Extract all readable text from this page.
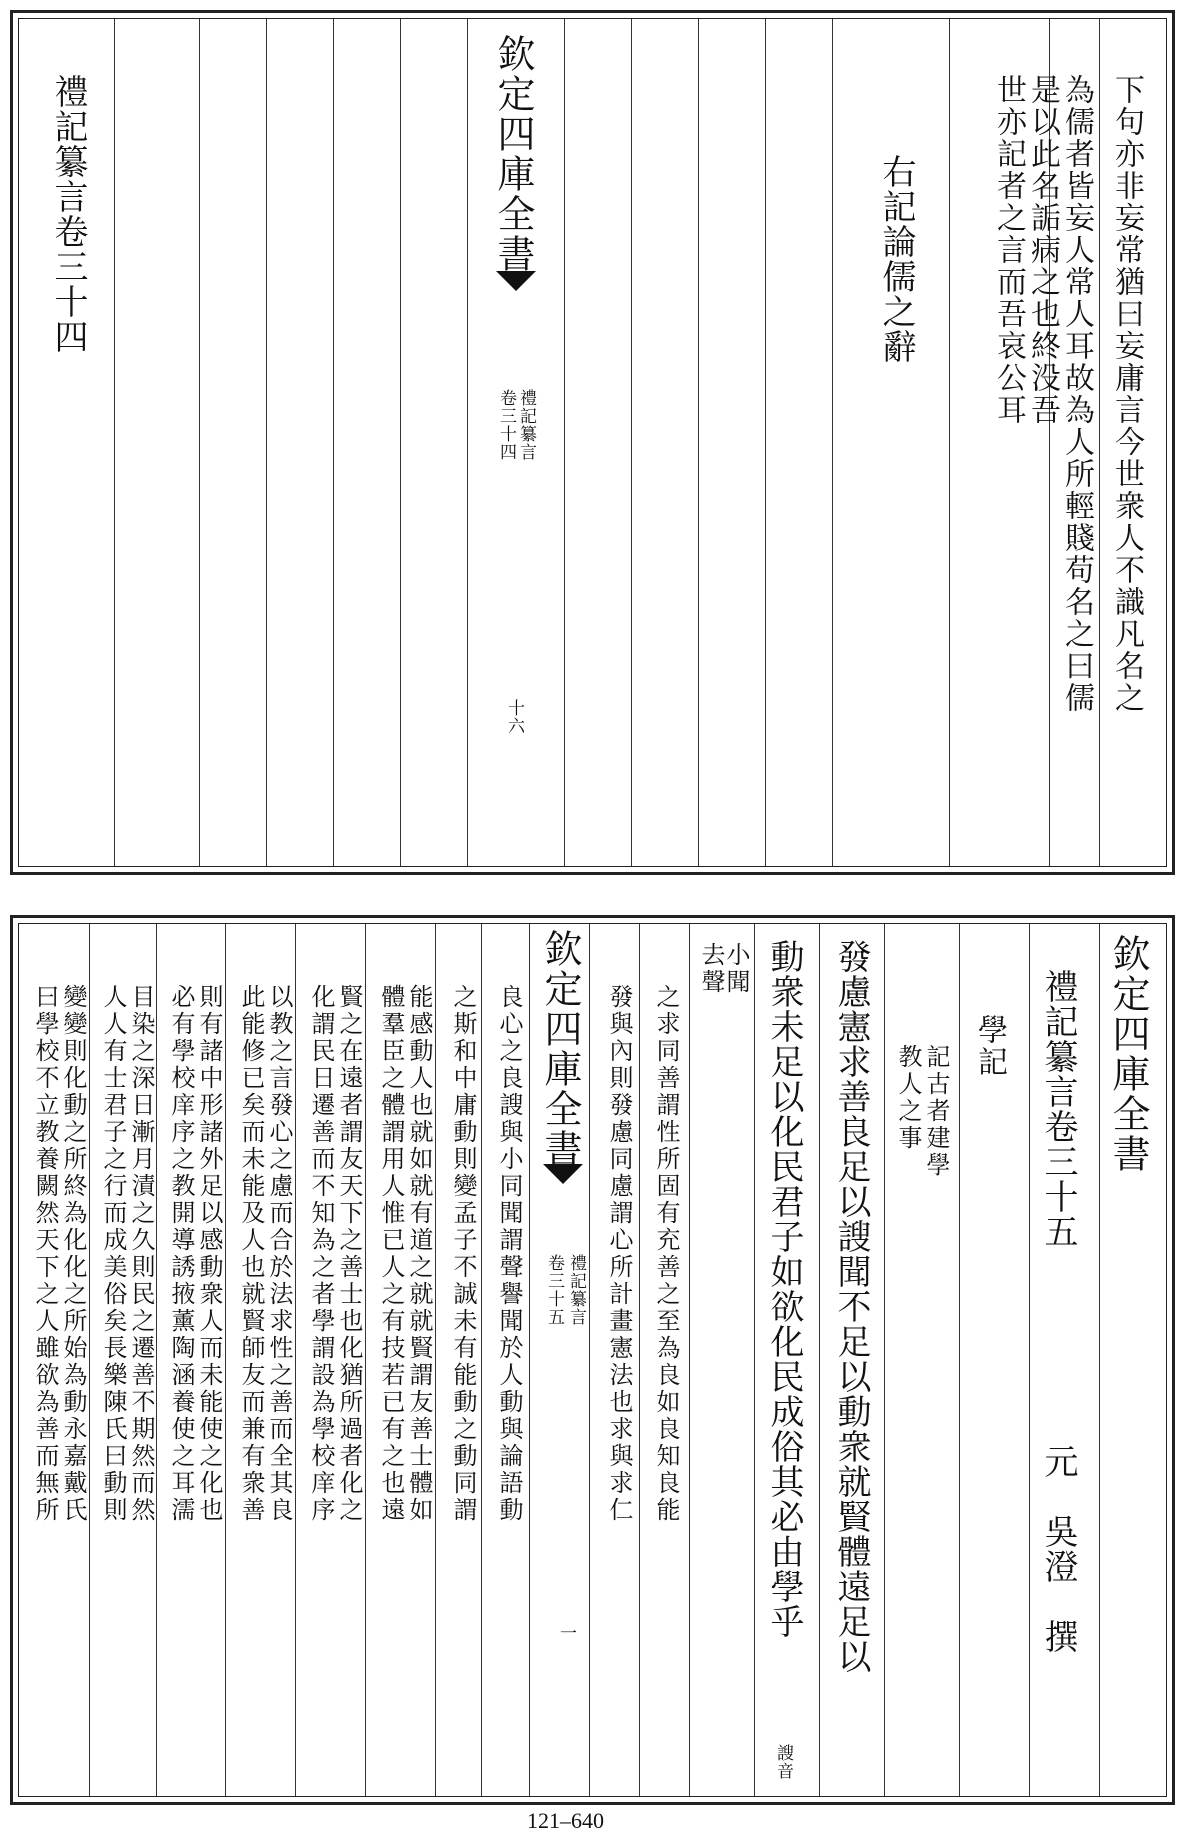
下句亦非妄常猶曰妄庸言今世衆人不識凡名之
為儒者皆妄人常人耳故為人所輕賤苟名之曰儒
是以此名詬病之也終没吾
世亦記者之言而吾哀公耳
右記論儒之辭
欽定四庫全書
禮記纂言
卷三十四
十六
禮記纂言卷三十四
欽定四庫全書
禮記纂言卷三十五
元　吳澄　撰
學記
記古者建學
教人之事
發慮憲求善良足以謏聞不足以動衆就賢體遠足以
動衆未足以化民君子如欲化民成俗其必由學乎
謏音
小聞
去聲
之求同善謂性所固有充善之至為良如良知良能
發與內則發慮同慮謂心所計畫憲法也求與求仁
欽定四庫全書
禮記纂言
卷三十五
一
良心之良謏與小同聞謂聲譽聞於人動與論語動
之斯和中庸動則變孟子不誠未有能動之動同謂
能感動人也就如就有道之就就賢謂友善士體如
體羣臣之體謂用人惟已人之有技若已有之也遠
賢之在遠者謂友天下之善士也化猶所過者化之
化謂民日遷善而不知為之者學謂設為學校庠序
以教之言發心之慮而合於法求性之善而全其良
此能修已矣而未能及人也就賢師友而兼有衆善
則有諸中形諸外足以感動衆人而未能使之化也
必有學校庠序之教開導誘掖薰陶涵養使之耳濡
目染之深日漸月漬之久則民之遷善不期然而然
人人有士君子之行而成美俗矣長樂陳氏曰動則
變變則化動之所終為化化之所始為動永嘉戴氏
曰學校不立教養闕然天下之人雖欲為善而無所
121–640
